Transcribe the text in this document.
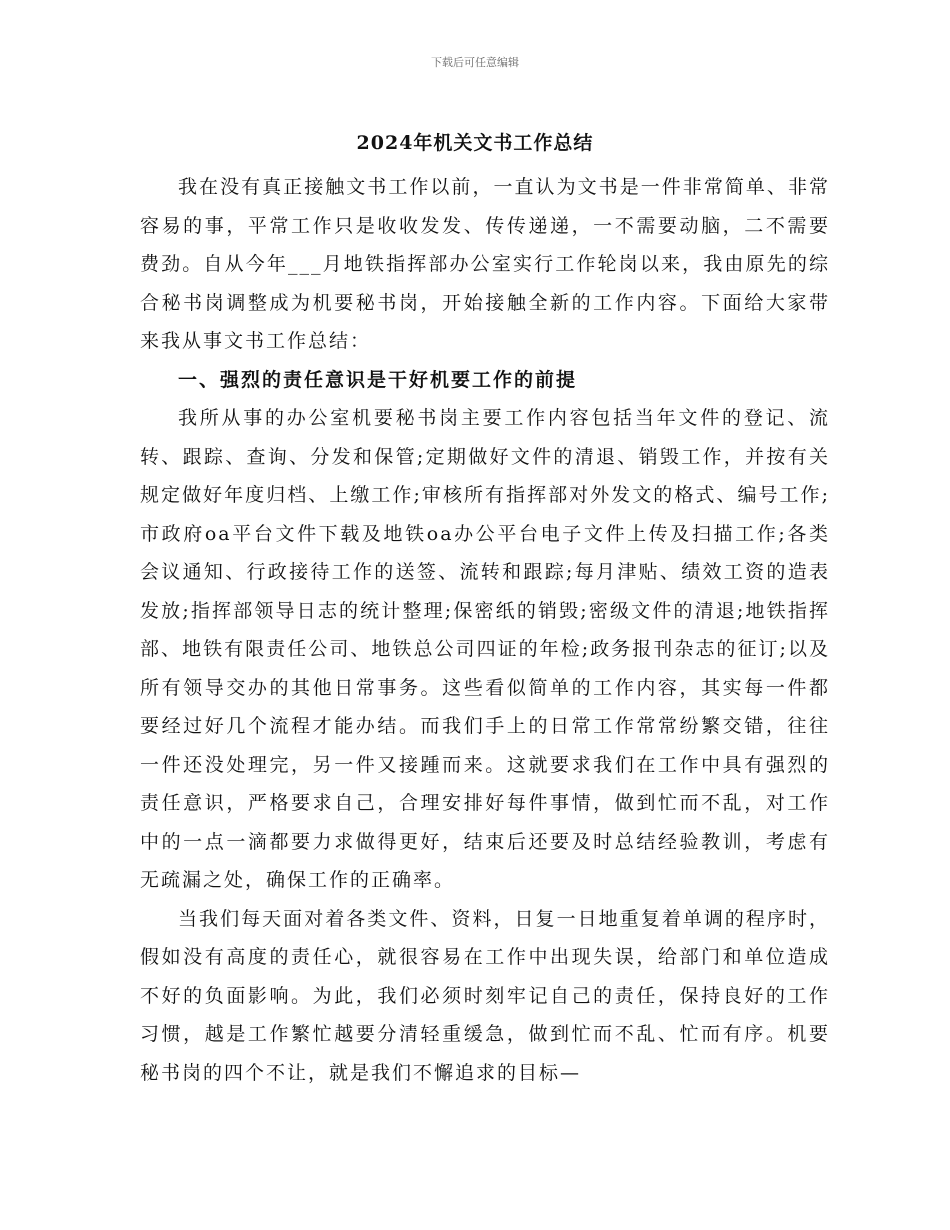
下载后可任意编辑
2024年机关文书工作总结

我在没有真正接触文书工作以前，一直认为文书是一件非常简单、非常容易的事，平常工作只是收收发发、传传递递，一不需要动脑，二不需要费劲。自从今年___月地铁指挥部办公室实行工作轮岗以来，我由原先的综合秘书岗调整成为机要秘书岗，开始接触全新的工作内容。下面给大家带来我从事文书工作总结：

一、强烈的责任意识是干好机要工作的前提

我所从事的办公室机要秘书岗主要工作内容包括当年文件的登记、流转、跟踪、查询、分发和保管;定期做好文件的清退、销毁工作，并按有关规定做好年度归档、上缴工作;审核所有指挥部对外发文的格式、编号工作;市政府oa平台文件下载及地铁oa办公平台电子文件上传及扫描工作;各类会议通知、行政接待工作的送签、流转和跟踪;每月津贴、绩效工资的造表发放;指挥部领导日志的统计整理;保密纸的销毁;密级文件的清退;地铁指挥部、地铁有限责任公司、地铁总公司四证的年检;政务报刊杂志的征订;以及所有领导交办的其他日常事务。这些看似简单的工作内容，其实每一件都要经过好几个流程才能办结。而我们手上的日常工作常常纷繁交错，往往一件还没处理完，另一件又接踵而来。这就要求我们在工作中具有强烈的责任意识，严格要求自己，合理安排好每件事情，做到忙而不乱，对工作中的一点一滴都要力求做得更好，结束后还要及时总结经验教训，考虑有无疏漏之处，确保工作的正确率。

当我们每天面对着各类文件、资料，日复一日地重复着单调的程序时，假如没有高度的责任心，就很容易在工作中出现失误，给部门和单位造成不好的负面影响。为此，我们必须时刻牢记自己的责任，保持良好的工作习惯，越是工作繁忙越要分清轻重缓急，做到忙而不乱、忙而有序。机要秘书岗的四个不让，就是我们不懈追求的目标—
